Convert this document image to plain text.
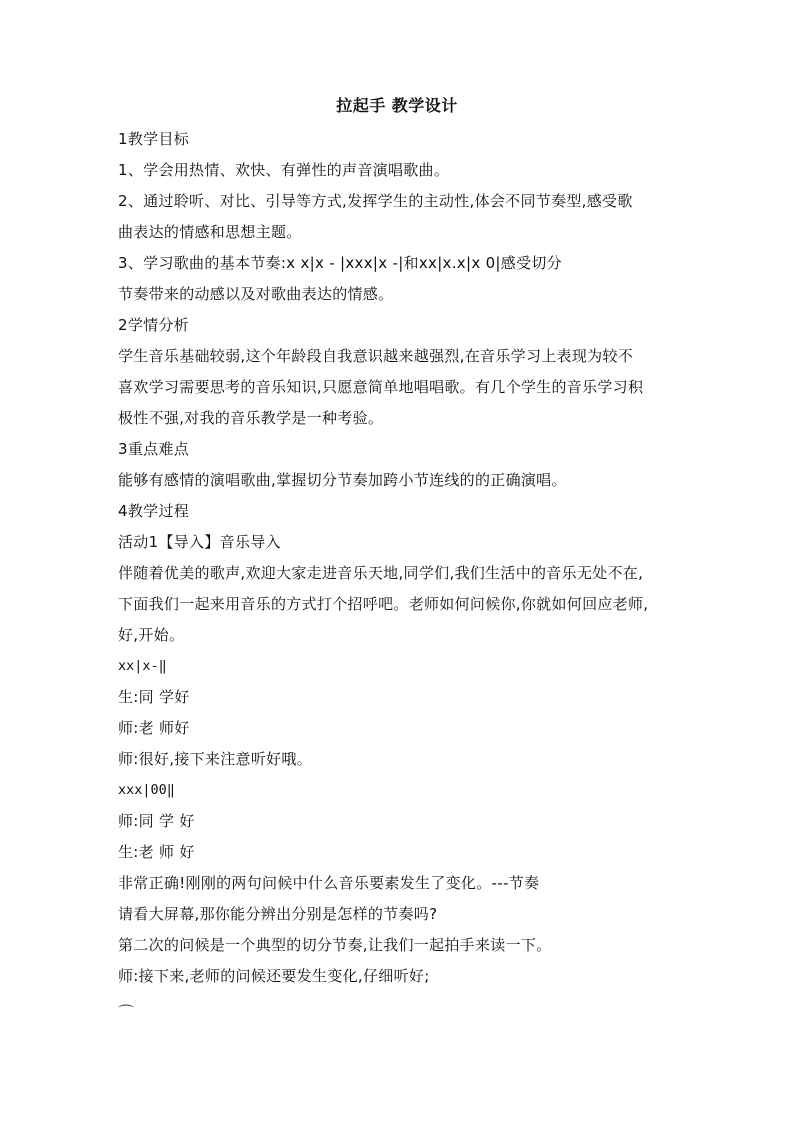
拉起手 教学设计
1教学目标
1、学会用热情、欢快、有弹性的声音演唱歌曲。
2、通过聆听、对比、引导等方式,发挥学生的主动性,体会不同节奏型,感受歌
曲表达的情感和思想主题。
3、学习歌曲的基本节奏:x x|x - |xxx|x -|和xx|x.x|x 0|感受切分
节奏带来的动感以及对歌曲表达的情感。
2学情分析
学生音乐基础较弱,这个年龄段自我意识越来越强烈,在音乐学习上表现为较不
喜欢学习需要思考的音乐知识,只愿意简单地唱唱歌。有几个学生的音乐学习积
极性不强,对我的音乐教学是一种考验。
3重点难点
能够有感情的演唱歌曲,掌握切分节奏加跨小节连线的的正确演唱。
4教学过程
活动1【导入】音乐导入
伴随着优美的歌声,欢迎大家走进音乐天地,同学们,我们生活中的音乐无处不在,
下面我们一起来用音乐的方式打个招呼吧。老师如何问候你,你就如何回应老师,
好,开始。
xx|x-‖
生:同 学好
师:老 师好
师:很好,接下来注意听好哦。
xxx|00‖
师:同 学 好
生:老 师 好
非常正确!刚刚的两句问候中什么音乐要素发生了变化。---节奏
请看大屏幕,那你能分辨出分别是怎样的节奏吗?
第二次的问候是一个典型的切分节奏,让我们一起拍手来读一下。
师:接下来,老师的问候还要发生变化,仔细听好;
⌒
